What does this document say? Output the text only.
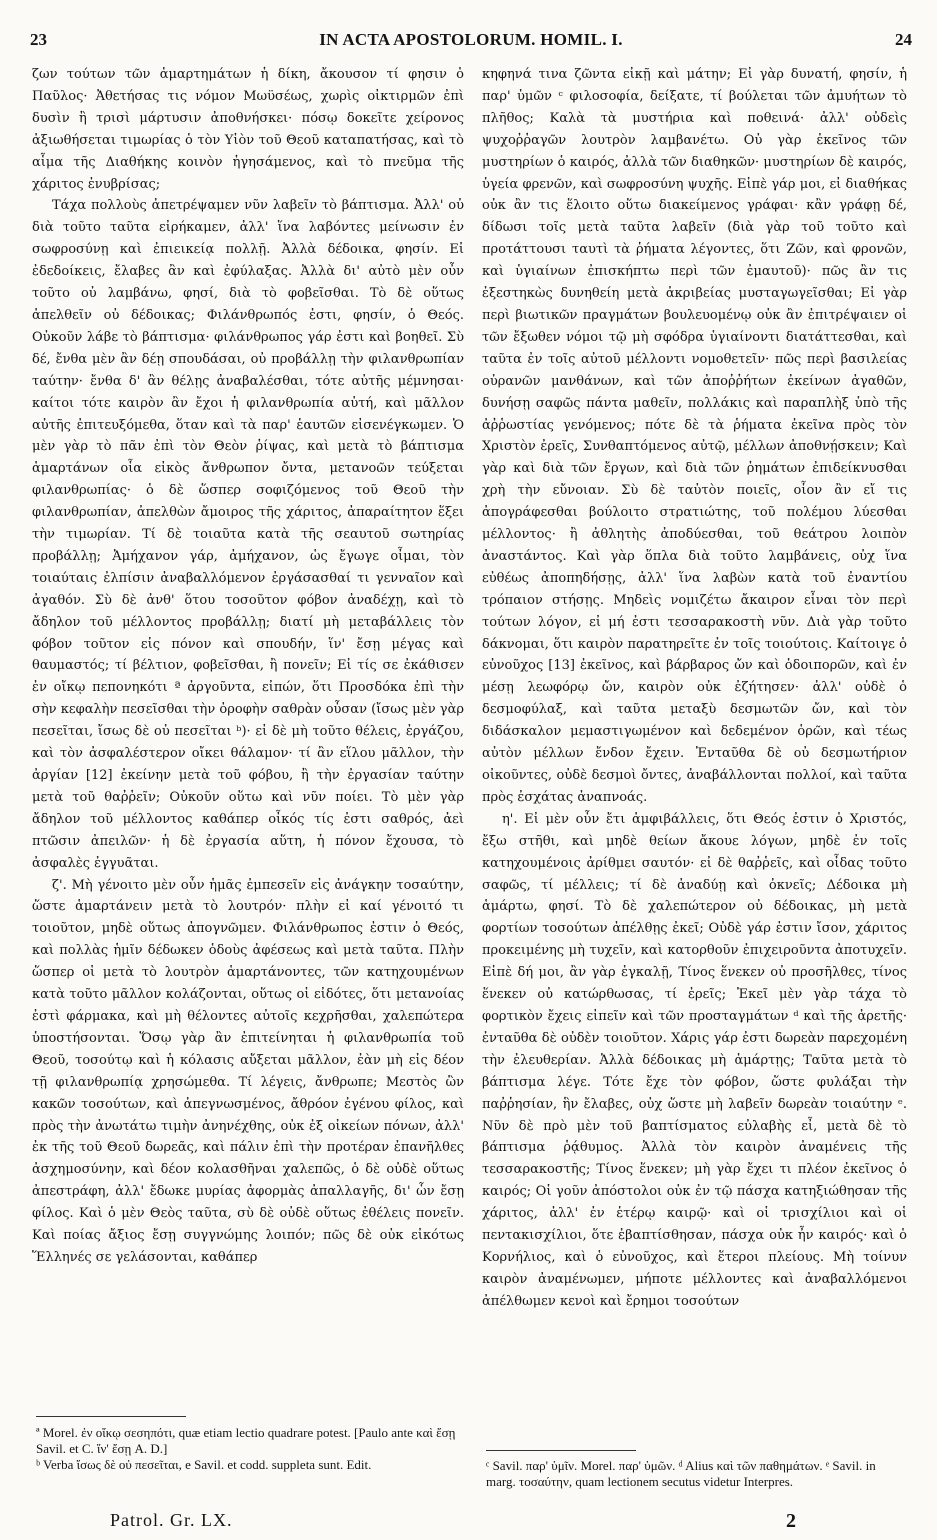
23	IN ACTA APOSTOLORUM. HOMIL. I.	24

ζων τούτων τῶν ἁμαρτημάτων ἡ δίκη, ἄκουσον τί φησιν ὁ Παῦλος· Ἀθετήσας τις νόμον Μωϋσέως, χωρὶς οἰκτιρμῶν ἐπὶ δυσὶν ἢ τρισὶ μάρτυσιν ἀποθνήσκει· πόσῳ δοκεῖτε χείρονος ἀξιωθήσεται τιμωρίας ὁ τὸν Υἱὸν τοῦ Θεοῦ καταπατήσας, καὶ τὸ αἷμα τῆς Διαθήκης κοινὸν ἡγησάμενος, καὶ τὸ πνεῦμα τῆς χάριτος ἐνυβρίσας;

Τάχα πολλοὺς ἀπετρέψαμεν νῦν λαβεῖν τὸ βάπτισμα. Ἀλλ' οὐ διὰ τοῦτο ταῦτα εἰρήκαμεν, ἀλλ' ἵνα λαβόντες μείνωσιν ἐν σωφροσύνῃ καὶ ἐπιεικείᾳ πολλῇ. Ἀλλὰ δέδοικα, φησίν. Εἰ ἐδεδοίκεις, ἔλαβες ἂν καὶ ἐφύλαξας. Ἀλλὰ δι' αὐτὸ μὲν οὖν τοῦτο οὐ λαμβάνω, φησί, διὰ τὸ φοβεῖσθαι. Τὸ δὲ οὕτως ἀπελθεῖν οὐ δέδοικας; Φιλάνθρωπός ἐστι, φησίν, ὁ Θεός. Οὐκοῦν λάβε τὸ βάπτισμα· φιλάνθρωπος γάρ ἐστι καὶ βοηθεῖ. Σὺ δέ, ἔνθα μὲν ἂν δέῃ σπουδάσαι, οὐ προβάλλῃ τὴν φιλανθρωπίαν ταύτην· ἔνθα δ' ἂν θέλῃς ἀναβαλέσθαι, τότε αὐτῆς μέμνησαι· καίτοι τότε καιρὸν ἂν ἔχοι ἡ φιλανθρωπία αὐτή, καὶ μᾶλλον αὐτῆς ἐπιτευξόμεθα, ὅταν καὶ τὰ παρ' ἑαυτῶν εἰσενέγκωμεν. Ὁ μὲν γὰρ τὸ πᾶν ἐπὶ τὸν Θεὸν ῥίψας, καὶ μετὰ τὸ βάπτισμα ἁμαρτάνων οἷα εἰκὸς ἄνθρωπον ὄντα, μετανοῶν τεύξεται φιλανθρωπίας· ὁ δὲ ὥσπερ σοφιζόμενος τοῦ Θεοῦ τὴν φιλανθρωπίαν, ἀπελθὼν ἄμοιρος τῆς χάριτος, ἀπαραίτητον ἕξει τὴν τιμωρίαν. Τί δὲ τοιαῦτα κατὰ τῆς σεαυτοῦ σωτηρίας προβάλλῃ; Ἀμήχανον γάρ, ἀμήχανον, ὡς ἔγωγε οἶμαι, τὸν τοιαύταις ἐλπίσιν ἀναβαλλόμενον ἐργάσασθαί τι γενναῖον καὶ ἀγαθόν. Σὺ δὲ ἀνθ' ὅτου τοσοῦτον φόβον ἀναδέχῃ, καὶ τὸ ἄδηλον τοῦ μέλλοντος προβάλλῃ; διατί μὴ μεταβάλλεις τὸν φόβον τοῦτον εἰς πόνον καὶ σπουδήν, ἵν' ἔσῃ μέγας καὶ θαυμαστός; τί βέλτιον, φοβεῖσθαι, ἢ πονεῖν; Εἰ τίς σε ἐκάθισεν ἐν οἴκῳ πεπονηκότι ª ἀργοῦντα, εἰπών, ὅτι Προσδόκα ἐπὶ τὴν σὴν κεφαλὴν πεσεῖσθαι τὴν ὀροφὴν σαθρὰν οὖσαν (ἴσως μὲν γὰρ πεσεῖται, ἴσως δὲ οὐ πεσεῖται ᵇ)· εἰ δὲ μὴ τοῦτο θέλεις, ἐργάζου, καὶ τὸν ἀσφαλέστερον οἴκει θάλαμον· τί ἂν εἵλου μᾶλλον, τὴν ἀργίαν [12] ἐκείνην μετὰ τοῦ φόβου, ἢ τὴν ἐργασίαν ταύτην μετὰ τοῦ θαῤῥεῖν; Οὐκοῦν οὕτω καὶ νῦν ποίει. Τὸ μὲν γὰρ ἄδηλον τοῦ μέλλοντος καθάπερ οἶκός τίς ἐστι σαθρός, ἀεὶ πτῶσιν ἀπειλῶν· ἡ δὲ ἐργασία αὕτη, ἡ πόνον ἔχουσα, τὸ ἀσφαλὲς ἐγγυᾶται.

ζ'. Μὴ γένοιτο μὲν οὖν ἡμᾶς ἐμπεσεῖν εἰς ἀνάγκην τοσαύτην, ὥστε ἁμαρτάνειν μετὰ τὸ λουτρόν· πλὴν εἰ καί γένοιτό τι τοιοῦτον, μηδὲ οὕτως ἀπογνῶμεν. Φιλάνθρωπος ἐστιν ὁ Θεός, καὶ πολλὰς ἡμῖν δέδωκεν ὁδοὺς ἀφέσεως καὶ μετὰ ταῦτα. Πλὴν ὥσπερ οἱ μετὰ τὸ λουτρὸν ἁμαρτάνοντες, τῶν κατηχουμένων κατὰ τοῦτο μᾶλλον κολάζονται, οὕτως οἱ εἰδότες, ὅτι μετανοίας ἐστὶ φάρμακα, καὶ μὴ θέλοντες αὐτοῖς κεχρῆσθαι, χαλεπώτερα ὑποστήσονται. Ὅσῳ γὰρ ἂν ἐπιτείνηται ἡ φιλανθρωπία τοῦ Θεοῦ, τοσούτῳ καὶ ἡ κόλασις αὔξεται μᾶλλον, ἐὰν μὴ εἰς δέον τῇ φιλανθρωπίᾳ χρησώμεθα. Τί λέγεις, ἄνθρωπε; Μεστὸς ὢν κακῶν τοσούτων, καὶ ἀπεγνωσμένος, ἄθρόον ἐγένου φίλος, καὶ πρὸς τὴν ἀνωτάτω τιμὴν ἀνηνέχθης, οὐκ ἐξ οἰκείων πόνων, ἀλλ' ἐκ τῆς τοῦ Θεοῦ δωρεᾶς, καὶ πάλιν ἐπὶ τὴν προτέραν ἐπανῆλθες ἀσχημοσύνην, καὶ δέον κολασθῆναι χαλεπῶς, ὁ δὲ οὐδὲ οὕτως ἀπεστράφη, ἀλλ' ἔδωκε μυρίας ἀφορμὰς ἀπαλλαγῆς, δι' ὧν ἔσῃ φίλος. Καὶ ὁ μὲν Θεὸς ταῦτα, σὺ δὲ οὐδὲ οὕτως ἐθέλεις πονεῖν. Καὶ ποίας ἄξιος ἔσῃ συγγνώμης λοιπόν; πῶς δὲ οὐκ εἰκότως Ἕλληνές σε γελάσονται, καθάπερ

κηφηνά τινα ζῶντα εἰκῇ καὶ μάτην; Εἰ γὰρ δυνατή, φησίν, ἡ παρ' ὑμῶν ᶜ φιλοσοφία, δείξατε, τί βούλεται τῶν ἀμυήτων τὸ πλῆθος; Καλὰ τὰ μυστήρια καὶ ποθεινά· ἀλλ' οὐδεὶς ψυχοῤῥαγῶν λουτρὸν λαμβανέτω. Οὐ γὰρ ἐκεῖνος τῶν μυστηρίων ὁ καιρός, ἀλλὰ τῶν διαθηκῶν· μυστηρίων δὲ καιρός, ὑγεία φρενῶν, καὶ σωφροσύνη ψυχῆς. Εἰπὲ γάρ μοι, εἰ διαθήκας οὐκ ἂν τις ἕλοιτο οὕτω διακείμενος γράφαι· κἂν γράφῃ δέ, δίδωσι τοῖς μετὰ ταῦτα λαβεῖν (διὰ γὰρ τοῦ τοῦτο καὶ προτάττουσι ταυτὶ τὰ ῥήματα λέγοντες, ὅτι Ζῶν, καὶ φρονῶν, καὶ ὑγιαίνων ἐπισκήπτω περὶ τῶν ἐμαυτοῦ)· πῶς ἂν τις ἐξεστηκὼς δυνηθείη μετὰ ἀκριβείας μυσταγωγεῖσθαι; Εἰ γὰρ περὶ βιωτικῶν πραγμάτων βουλευομένῳ οὐκ ἂν ἐπιτρέψαιεν οἱ τῶν ἔξωθεν νόμοι τῷ μὴ σφόδρα ὑγιαίνοντι διατάττεσθαι, καὶ ταῦτα ἐν τοῖς αὐτοῦ μέλλοντι νομοθετεῖν· πῶς περὶ βασιλείας οὐρανῶν μανθάνων, καὶ τῶν ἀποῤῥήτων ἐκείνων ἀγαθῶν, δυνήσῃ σαφῶς πάντα μαθεῖν, πολλάκις καὶ παραπλὴξ ὑπὸ τῆς ἀῤῥωστίας γενόμενος; πότε δὲ τὰ ῥήματα ἐκεῖνα πρὸς τὸν Χριστὸν ἐρεῖς, Συνθαπτόμενος αὐτῷ, μέλλων ἀποθνῄσκειν; Καὶ γὰρ καὶ διὰ τῶν ἔργων, καὶ διὰ τῶν ῥημάτων ἐπιδείκνυσθαι χρὴ τὴν εὔνοιαν. Σὺ δὲ ταὐτὸν ποιεῖς, οἷον ἂν εἴ τις ἀπογράφεσθαι βούλοιτο στρατιώτης, τοῦ πολέμου λύεσθαι μέλλοντος· ἢ ἀθλητὴς ἀποδύεσθαι, τοῦ θεάτρου λοιπὸν ἀναστάντος. Καὶ γὰρ ὅπλα διὰ τοῦτο λαμβάνεις, οὐχ ἵνα εὐθέως ἀποπηδήσῃς, ἀλλ' ἵνα λαβὼν κατὰ τοῦ ἐναντίου τρόπαιον στήσῃς. Μηδεὶς νομιζέτω ἄκαιρον εἶναι τὸν περὶ τούτων λόγον, εἰ μή ἐστι τεσσαρακοστὴ νῦν. Διὰ γὰρ τοῦτο δάκνομαι, ὅτι καιρὸν παρατηρεῖτε ἐν τοῖς τοιούτοις. Καίτοιγε ὁ εὐνοῦχος [13] ἐκεῖνος, καὶ βάρβαρος ὤν καὶ ὁδοιπορῶν, καὶ ἐν μέσῃ λεωφόρῳ ὤν, καιρὸν οὐκ ἐζήτησεν· ἀλλ' οὐδὲ ὁ δεσμοφύλαξ, καὶ ταῦτα μεταξὺ δεσμωτῶν ὤν, καὶ τὸν διδάσκαλον μεμαστιγωμένον καὶ δεδεμένον ὁρῶν, καὶ τέως αὐτὸν μέλλων ἔνδον ἔχειν. Ἐνταῦθα δὲ οὐ δεσμωτήριον οἰκοῦντες, οὐδὲ δεσμοὶ ὄντες, ἀναβάλλονται πολλοί, καὶ ταῦτα πρὸς ἐσχάτας ἀναπνοάς.

η'. Εἰ μὲν οὖν ἔτι ἀμφιβάλλεις, ὅτι Θεός ἐστιν ὁ Χριστός, ἔξω στῆθι, καὶ μηδὲ θείων ἄκουε λόγων, μηδὲ ἐν τοῖς κατηχουμένοις ἀρίθμει σαυτόν· εἰ δὲ θαῤῥεῖς, καὶ οἶδας τοῦτο σαφῶς, τί μέλλεις; τί δὲ ἀναδύῃ καὶ ὀκνεῖς; Δέδοικα μὴ ἁμάρτω, φησί. Τὸ δὲ χαλεπώτερον οὐ δέδοικας, μὴ μετὰ φορτίων τοσούτων ἀπέλθῃς ἐκεῖ; Οὐδὲ γάρ ἐστιν ἴσον, χάριτος προκειμένης μὴ τυχεῖν, καὶ κατορθοῦν ἐπιχειροῦντα ἀποτυχεῖν. Εἰπὲ δή μοι, ἂν γὰρ ἐγκαλῇ, Τίνος ἕνεκεν οὐ προσῆλθες, τίνος ἕνεκεν οὐ κατώρθωσας, τί ἐρεῖς; Ἐκεῖ μὲν γὰρ τάχα τὸ φορτικὸν ἔχεις εἰπεῖν καὶ τῶν προσταγμάτων ᵈ καὶ τῆς ἀρετῆς· ἐνταῦθα δὲ οὐδὲν τοιοῦτον. Χάρις γάρ ἐστι δωρεὰν παρεχομένη τὴν ἐλευθερίαν. Ἀλλὰ δέδοικας μὴ ἁμάρτῃς; Ταῦτα μετὰ τὸ βάπτισμα λέγε. Τότε ἔχε τὸν φόβον, ὥστε φυλάξαι τὴν παῤῥησίαν, ἣν ἔλαβες, οὐχ ὥστε μὴ λαβεῖν δωρεὰν τοιαύτην ᵉ. Νῦν δὲ πρὸ μὲν τοῦ βαπτίσματος εὐλαβὴς εἶ, μετὰ δὲ τὸ βάπτισμα ῥᾴθυμος. Ἀλλὰ τὸν καιρὸν ἀναμένεις τῆς τεσσαρακοστῆς; Τίνος ἕνεκεν; μὴ γὰρ ἔχει τι πλέον ἐκεῖνος ὁ καιρός; Οἱ γοῦν ἀπόστολοι οὐκ ἐν τῷ πάσχα κατηξιώθησαν τῆς χάριτος, ἀλλ' ἐν ἑτέρῳ καιρῷ· καὶ οἱ τρισχίλιοι καὶ οἱ πεντακισχίλιοι, ὅτε ἐβαπτίσθησαν, πάσχα οὐκ ἦν καιρός· καὶ ὁ Κορνήλιος, καὶ ὁ εὐνοῦχος, καὶ ἕτεροι πλείους. Μὴ τοίνυν καιρὸν ἀναμένωμεν, μήποτε μέλλοντες καὶ ἀναβαλλόμενοι ἀπέλθωμεν κενοὶ καὶ ἔρημοι τοσούτων

ª Morel. ἐν οἴκῳ σεσηπότι, quæ etiam lectio quadrare potest. [Paulo ante καὶ ἔσῃ Savil. et C. ἵν' ἔσῃ A. D.]

ᵇ Verba ἴσως δὲ οὐ πεσεῖται, e Savil. et codd. suppleta sunt. Edit.	ᶜ Savil. παρ' ὑμῖν. Morel. παρ' ὑμῶν. ᵈ Alius καὶ τῶν παθημάτων. ᵉ Savil. in marg. τοσαύτην, quam lectionem secutus videtur Interpres.

Patrol. Gr. LX.	2
